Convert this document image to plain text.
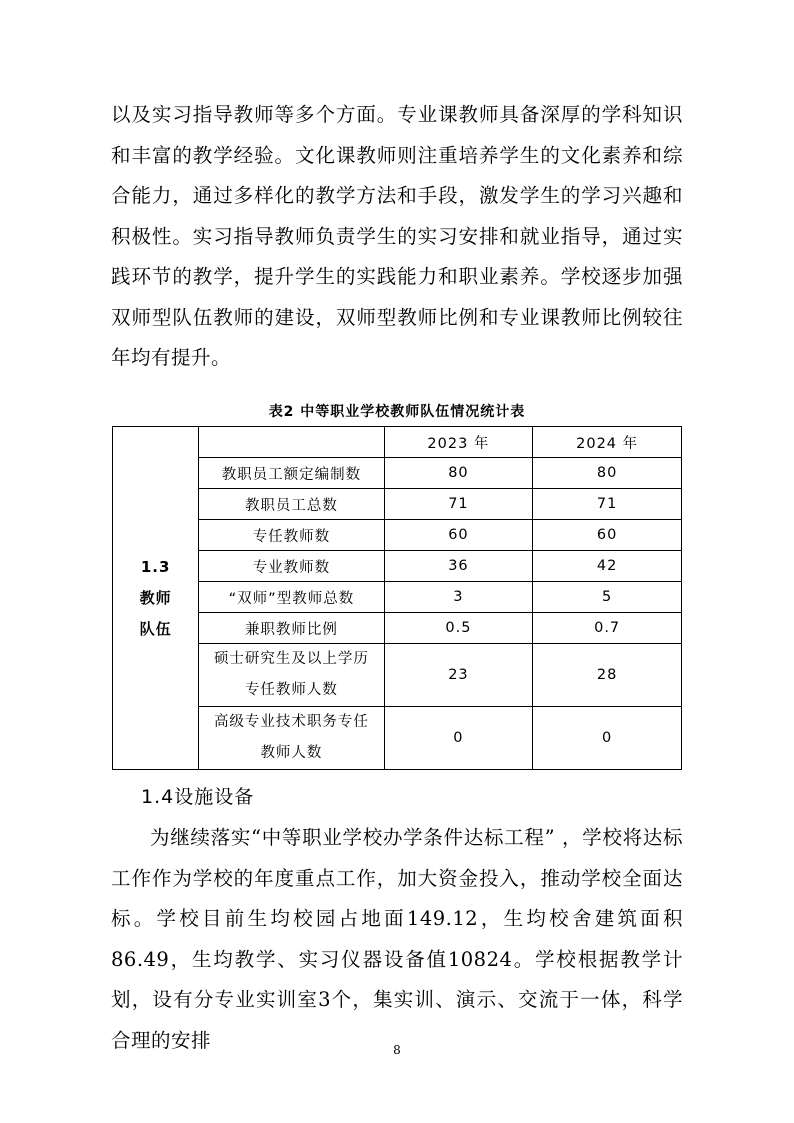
以及实习指导教师等多个方面。专业课教师具备深厚的学科知识和丰富的教学经验。文化课教师则注重培养学生的文化素养和综合能力，通过多样化的教学方法和手段，激发学生的学习兴趣和积极性。实习指导教师负责学生的实习安排和就业指导，通过实践环节的教学，提升学生的实践能力和职业素养。学校逐步加强双师型队伍教师的建设，双师型教师比例和专业课教师比例较往年均有提升。

表2 中等职业学校教师队伍情况统计表
1.3
教师
队伍		2023 年	2024 年
	教职员工额定编制数	80	80
	教职员工总数	71	71
	专任教师数	60	60
	专业教师数	36	42
	“双师”型教师总数	3	5
	兼职教师比例	0.5	0.7

	硕士研究生及以上学历
专任教师人数	23	28

	高级专业技术职务专任
教师人数	0	0
1.4设施设备

为继续落实“中等职业学校办学条件达标工程” ，学校将达标工作作为学校的年度重点工作，加大资金投入，推动学校全面达标。学校目前生均校园占地面149.12，生均校舍建筑面积86.49，生均教学、实习仪器设备值10824。学校根据教学计划，设有分专业实训室3个，集实训、演示、交流于一体，科学合理的安排	8
